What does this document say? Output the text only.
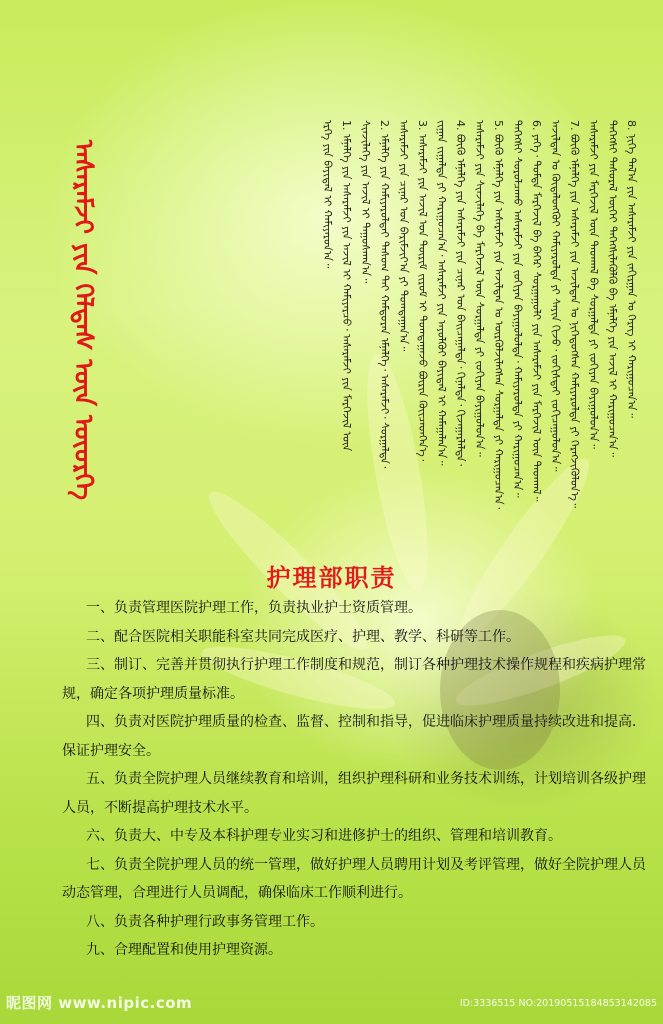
ᠠᠰᠠᠷᠠᠮᠵᠢ ᠶᠢᠨ ᠬᠡᠯᠲᠡᠰ ᠦᠨ ᠦᠦᠷᠭᠡ	8. ᠨᠢᠭᠡ ᠲᠠᠯ᠎ᠠ ᠶᠢᠨ ᠠᠰᠠᠷᠠᠮᠵᠢ ᠶᠢᠨ ᠵᠠᠬᠢᠷᠭᠠᠨ ᠤ ᠬᠡᠷᠡᠭ ᠢ ᠬᠠᠷᠢᠭᠤᠴᠠᠨ᠎ᠠ᠃
ᠳᠡᠭᠡᠭᠰᠢ ᠲᠠᠰᠤᠷᠠᠯ ᠦᠭᠡᠢ ᠳᠡᠭᠡᠭᠰᠢᠯᠡᠭᠦᠯᠬᠦ ᠪᠠ ᠡᠮᠨᠡᠯᠭᠡ ᠶᠢᠨ ᠠᠵᠢᠯ ᠢ ᠬᠠᠷᠢᠭᠤᠴᠠᠨ᠎ᠠ᠃
ᠠᠰᠠᠷᠠᠮᠵᠢ ᠶᠢᠨ ᠮᠡᠷᠭᠡᠵᠢᠯ ᠦᠨ ᠳᠠᠳᠬᠠᠯ ᠪᠠ ᠰᠤᠷᠭᠠᠯᠲᠠ ᠶᠢ ᠵᠤᠬᠢᠶᠠᠨ ᠪᠠᠶᠢᠭᠤᠯᠤᠨ᠎ᠠ᠃
7. ᠪᠦᠬᠦ ᠡᠮᠨᠡᠯᠭᠡ ᠶᠢᠨ ᠠᠰᠠᠷᠠᠮᠵᠢ ᠶᠢᠨ ᠠᠵᠢᠯᠲᠠᠨ ᠤ ᠨᠢᠭᠡᠳᠦᠭᠰᠡᠨ ᠬᠠᠮᠢᠶᠠᠷᠤᠯᠲᠠ ᠶᠢ ᠬᠡᠷᠡᠭᠵᠢᠭᠦᠯᠦᠨ᠎ᠡ᠃
ᠠᠵᠢᠯᠲᠠᠨ ᠤ ᠬᠦᠳᠡᠯᠦᠩᠭᠦᠢ ᠬᠠᠮᠢᠶᠠᠷᠤᠯᠲᠠ ᠶᠢ ᠰᠠᠶᠢᠨ ᠬᠢᠵᠦ᠂ ᠵᠣᠬᠢᠰᠲᠠᠢ ᠵᠣᠬᠢᠴᠠᠭᠤᠯᠤᠨ᠎ᠠ᠃
6. ᠶᠡᠬᠡ᠂ ᠳᠤᠮᠳᠠ ᠮᠡᠷᠭᠡᠵᠢᠯ ᠪᠠ ᠪᠡᠭᠡᠷ ᠰᠤᠷᠭᠠᠭᠤᠯᠢ ᠶᠢᠨ ᠠᠰᠠᠷᠠᠮᠵᠢ ᠶᠢᠨ ᠮᠡᠷᠭᠡᠵᠢᠯ ᠦᠨ ᠳᠠᠳᠬᠠᠯ᠃
ᠳᠡᠭᠡᠭᠰᠢ ᠰᠤᠷᠤᠯᠴᠠᠬᠤ ᠠᠰᠠᠷᠠᠮᠵᠢ ᠶᠢᠨ ᠵᠣᠬᠢᠶᠠᠨ ᠪᠠᠶᠢᠭᠤᠯᠤᠯᠲᠠ᠂ ᠬᠠᠮᠢᠶᠠᠷᠤᠯᠲᠠ ᠶᠢ ᠬᠠᠷᠢᠭᠤᠴᠠᠨ᠎ᠠ᠃
5. ᠪᠦᠬᠦ ᠡᠮᠨᠡᠯᠭᠡ ᠶᠢᠨ ᠠᠰᠠᠷᠠᠮᠵᠢ ᠶᠢᠨ ᠠᠵᠢᠯᠲᠠᠨ ᠤ ᠦᠷᠭᠦᠯᠵᠢᠯᠡᠭᠰᠡᠨ ᠰᠤᠷᠭᠠᠯᠲᠠ ᠶᠢ ᠬᠠᠷᠢᠭᠤᠴᠠᠨ᠎ᠠ᠂
ᠠᠰᠠᠷᠠᠮᠵᠢ ᠶᠢᠨ ᠰᠢᠨᠵᠢᠯᠡᠭᠡ ᠪᠠ ᠮᠡᠷᠭᠡᠵᠢᠯ ᠦᠨ ᠰᠤᠷᠭᠠᠯᠲᠠ ᠶᠢ ᠵᠣᠬᠢᠶᠠᠨ ᠪᠠᠶᠢᠭᠤᠯᠤᠨ᠎ᠠ᠃
4. ᠪᠦᠬᠦ ᠡᠮᠨᠡᠯᠭᠡ ᠶᠢᠨ ᠠᠰᠠᠷᠠᠮᠵᠢ ᠶᠢᠨ ᠴᠢᠨᠠᠷ ᠤᠨ ᠪᠠᠢᠴᠠᠭᠠᠯᠲᠠ᠂ ᠬᠢᠨᠠᠯᠲᠠ᠂ ᠬᠢᠵᠠᠭᠠᠷᠯᠠᠯᠲᠠ᠂
ᠵᠢᠭᠠᠨ ᠵᠢᠭᠠᠯᠲᠠ ᠶᠢ ᠬᠠᠷᠢᠭᠤᠴᠠᠨ᠎ᠠ᠂ ᠠᠰᠠᠷᠠᠮᠵᠢ ᠶᠢᠨ ᠠᠶᠤᠯᠭᠦᠢ ᠪᠠᠶᠢᠳᠠᠯ ᠢ ᠬᠠᠮᠠᠭᠠᠯᠠᠨ᠎ᠠ᠃
3. ᠠᠰᠠᠷᠠᠮᠵᠢ ᠶᠢᠨ ᠠᠵᠢᠯ ᠤᠨ ᠳᠦᠷᠢᠮ ᠵᠢᠷᠤᠮ ᠢ ᠲᠣᠭᠲᠠᠭᠠᠵᠤ ᠪᠦᠷᠢᠨ ᠭᠦᠢᠴᠡᠳᠬᠡᠨ᠎ᠡ᠂
ᠠᠰᠠᠷᠠᠮᠵᠢ ᠶᠢᠨ ᠴᠢᠨᠠᠷ ᠤᠨ ᠪᠠᠷᠢᠮᠵᠢᠶ᠎ᠠ ᠶᠢ ᠲᠣᠭᠲᠠᠭᠠᠨ᠎ᠠ᠃
2. ᠡᠮᠨᠡᠯᠭᠡ ᠶᠢᠨ ᠬᠠᠮᠢᠶᠠᠷᠤᠯᠲᠠᠢ ᠲᠠᠰᠤᠭ ᠲᠠᠢ ᠬᠠᠮᠲᠤᠷᠠᠨ ᠡᠮᠨᠡᠯᠭᠡ᠂ ᠠᠰᠠᠷᠠᠮᠵᠢ᠂ ᠰᠤᠷᠭᠠᠯᠲᠠ᠂
ᠰᠢᠨᠵᠢᠯᠡᠭᠡ ᠶᠢᠨ ᠠᠵᠢᠯ ᠢ ᠳᠠᠭᠤᠰᠭᠠᠨ᠎ᠠ᠃
1. ᠡᠮᠨᠡᠯᠭᠡ ᠶᠢᠨ ᠠᠰᠠᠷᠠᠮᠵᠢ ᠶᠢᠨ ᠠᠵᠢᠯ ᠢ ᠬᠠᠮᠢᠶᠠᠷᠴᠤ᠂ ᠠᠰᠠᠷᠠᠮᠵᠢ ᠶᠢᠨ ᠮᠡᠷᠭᠡᠵᠢᠯ ᠦᠨ
ᠡᠷᠬᠡ ᠶᠢᠨ ᠪᠠᠶᠢᠳᠠᠯ ᠢ ᠬᠠᠮᠢᠶᠠᠷᠤᠨ᠎ᠠ᠃
护理部职责

一、负责管理医院护理工作，负责执业护士资质管理。

二、配合医院相关职能科室共同完成医疗、护理、教学、科研等工作。

三、制订、完善并贯彻执行护理工作制度和规范，制订各种护理技术操作规程和疾病护理常规，确定各项护理质量标准。

四、负责对医院护理质量的检查、监督、控制和指导，促进临床护理质量持续改进和提高．保证护理安全。

五、负责全院护理人员继续教育和培训，组织护理科研和业务技术训练，计划培训各级护理人员，不断提高护理技术水平。

六、负责大、中专及本科护理专业实习和进修护士的组织、管理和培训教育。

七、负责全院护理人员的统一管理，做好护理人员聘用计划及考评管理，做好全院护理人员动态管理，合理进行人员调配，确保临床工作顺利进行。

八、负责各种护理行政事务管理工作。

九、合理配置和使用护理资源。

昵图网 www.nipic.com	ID:3336515 NO:20190515184853142085
